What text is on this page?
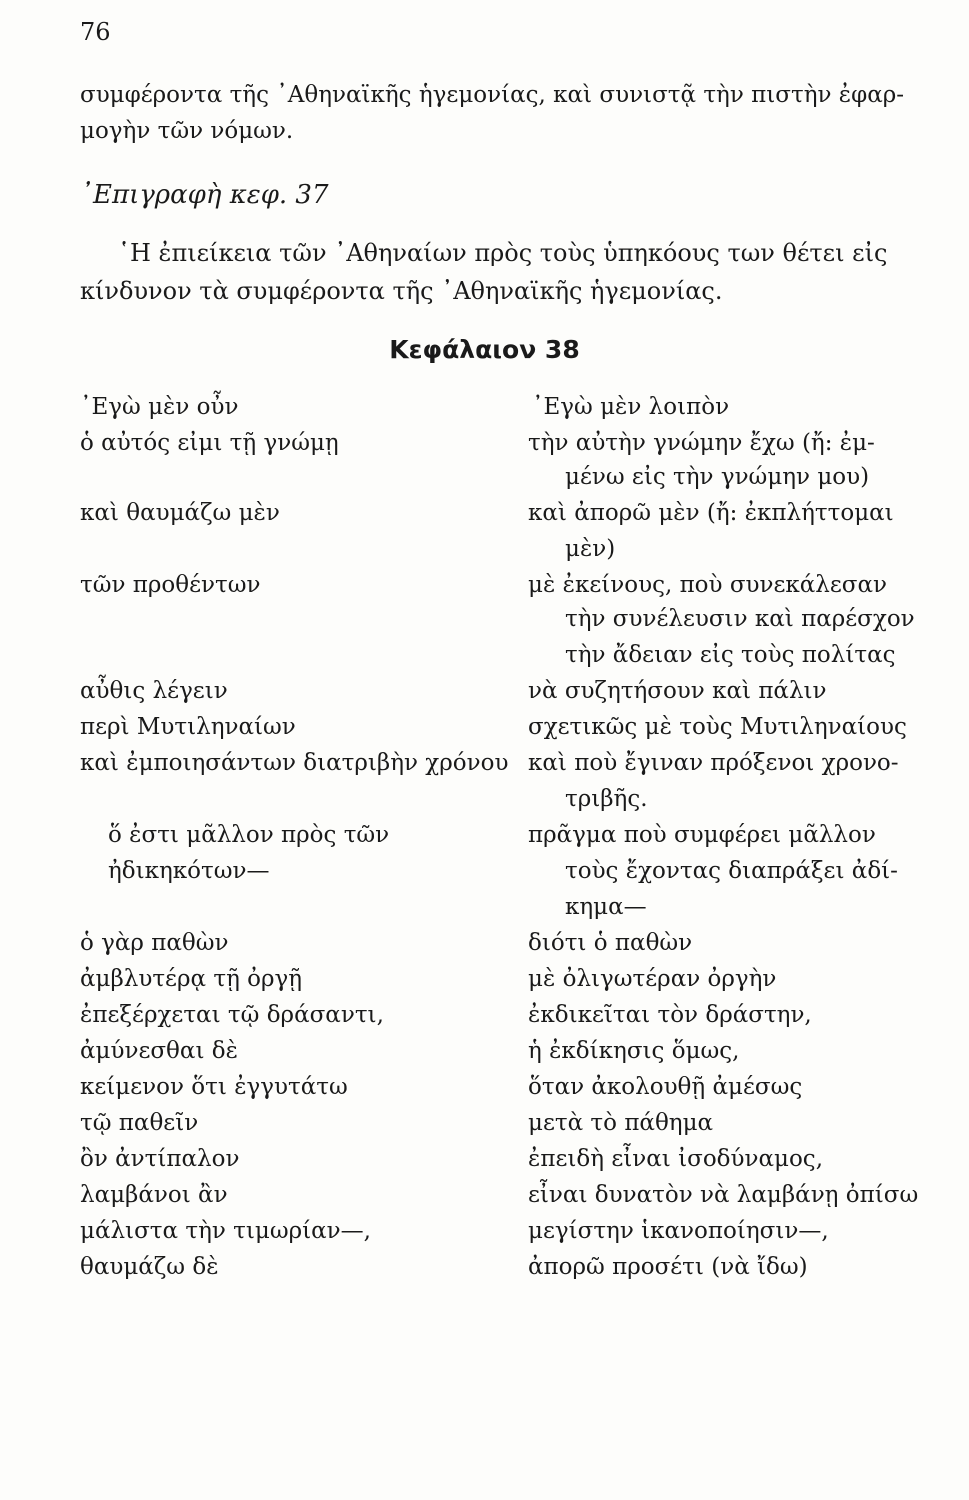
76
συμφέροντα τῆς ᾿Αθηναϊκῆς ἡγεμονίας, καὶ συνιστᾷ τὴν πιστὴν ἐφαρ-
μογὴν τῶν νόμων.
᾿Επιγραφὴ κεφ. 37
῾Η ἐπιείκεια τῶν ᾿Αθηναίων πρὸς τοὺς ὑπηκόους των θέτει εἰς
κίνδυνον τὰ συμφέροντα τῆς ᾿Αθηναϊκῆς ἡγεμονίας.
Κεφάλαιον 38
᾿Εγὼ μὲν οὖν
ὁ αὐτός εἰμι τῇ γνώμῃ
καὶ θαυμάζω μὲν
τῶν προθέντων
αὖθις λέγειν
περὶ Μυτιληναίων
καὶ ἐμποιησάντων διατριβὴν χρόνου
ὅ ἐστι μᾶλλον πρὸς τῶν
ἠδικηκότων—
ὁ γὰρ παθὼν
ἀμβλυτέρᾳ τῇ ὀργῇ
ἐπεξέρχεται τῷ δράσαντι,
ἀμύνεσθαι δὲ
κείμενον ὅτι ἐγγυτάτω
τῷ παθεῖν
ὂν ἀντίπαλον
λαμβάνοι ἂν
μάλιστα τὴν τιμωρίαν—,
θαυμάζω δὲ
᾿Εγὼ μὲν λοιπὸν
τὴν αὐτὴν γνώμην ἔχω (ἤ: ἐμ-
μένω εἰς τὴν γνώμην μου)
καὶ ἀπορῶ μὲν (ἤ: ἐκπλήττομαι
μὲν)
μὲ ἐκείνους, ποὺ συνεκάλεσαν
τὴν συνέλευσιν καὶ παρέσχον
τὴν ἄδειαν εἰς τοὺς πολίτας
νὰ συζητήσουν καὶ πάλιν
σχετικῶς μὲ τοὺς Μυτιληναίους
καὶ ποὺ ἔγιναν πρόξενοι χρονο-
τριβῆς.
πρᾶγμα ποὺ συμφέρει μᾶλλον
τοὺς ἔχοντας διαπράξει ἀδί-
κημα—
διότι ὁ παθὼν
μὲ ὀλιγωτέραν ὀργὴν
ἐκδικεῖται τὸν δράστην,
ἡ ἐκδίκησις ὅμως,
ὅταν ἀκολουθῇ ἀμέσως
μετὰ τὸ πάθημα
ἐπειδὴ εἶναι ἰσοδύναμος,
εἶναι δυνατὸν νὰ λαμβάνῃ ὀπίσω
μεγίστην ἱκανοποίησιν—,
ἀπορῶ προσέτι (νὰ ἴδω)
